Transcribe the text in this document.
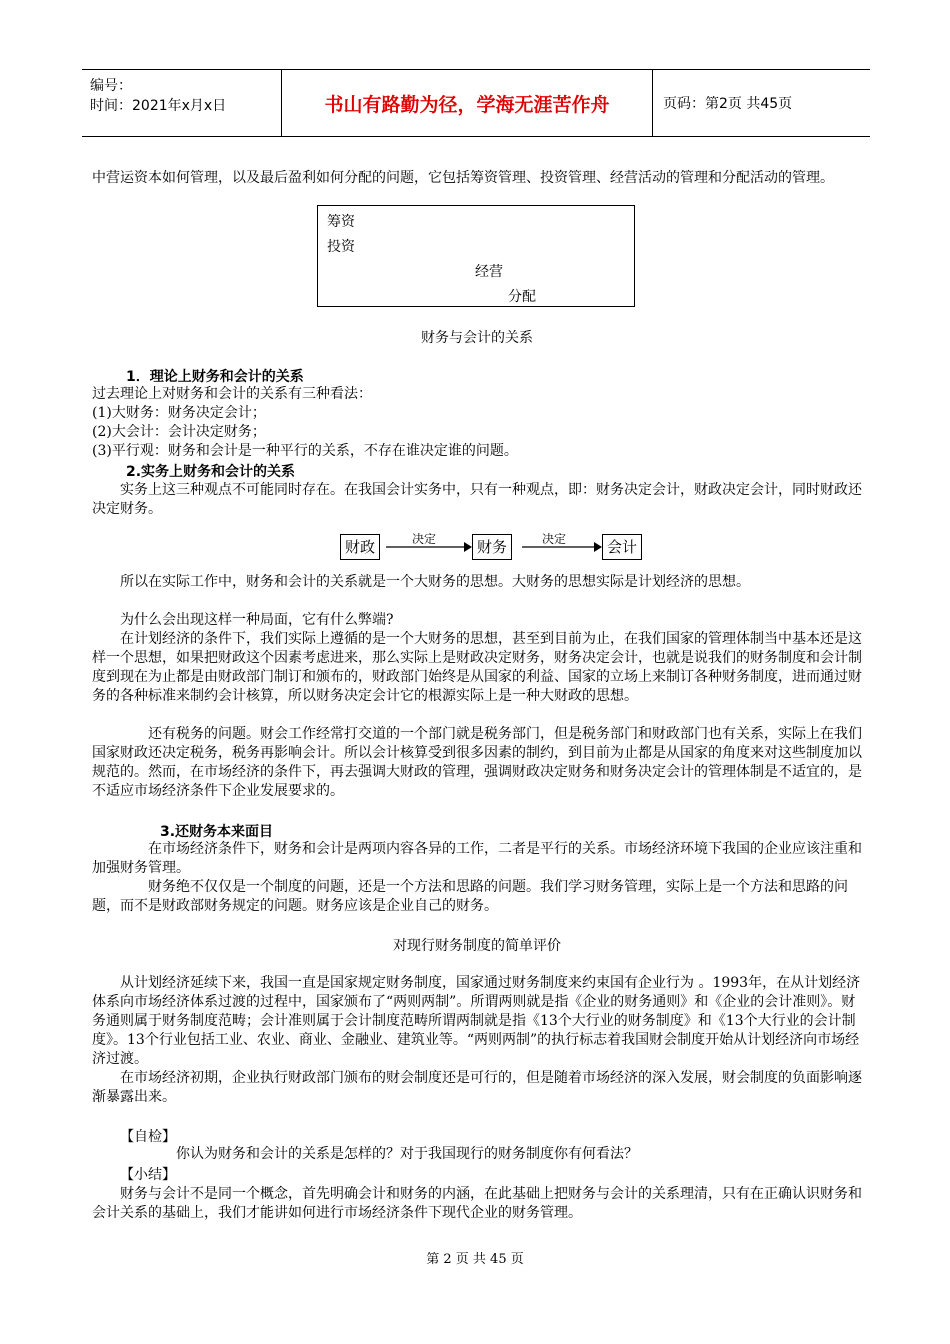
编号：
时间：2021年x月x日	书山有路勤为径，学海无涯苦作舟	页码：第2页 共45页

中营运资本如何管理，以及最后盈利如何分配的问题，它包括筹资管理、投资管理、经营活动的管理和分配活动的管理。

筹资
投资
经营
分配
财务与会计的关系
1．理论上财务和会计的关系

过去理论上对财务和会计的关系有三种看法：

(1)大财务：财务决定会计；

(2)大会计：会计决定财务；

(3)平行观：财务和会计是一种平行的关系，不存在谁决定谁的问题。

2.实务上财务和会计的关系

实务上这三种观点不可能同时存在。在我国会计实务中，只有一种观点，即：财务决定会计，财政决定会计，同时财政还决定财务。

财政	决定	财务	决定	会计

所以在实际工作中，财务和会计的关系就是一个大财务的思想。大财务的思想实际是计划经济的思想。

为什么会出现这样一种局面，它有什么弊端?

在计划经济的条件下，我们实际上遵循的是一个大财务的思想，甚至到目前为止，在我们国家的管理体制当中基本还是这样一个思想，如果把财政这个因素考虑进来，那么实际上是财政决定财务，财务决定会计，也就是说我们的财务制度和会计制度到现在为止都是由财政部门制订和颁布的，财政部门始终是从国家的利益、国家的立场上来制订各种财务制度，进而通过财务的各种标准来制约会计核算，所以财务决定会计它的根源实际上是一种大财政的思想。

还有税务的问题。财会工作经常打交道的一个部门就是税务部门，但是税务部门和财政部门也有关系，实际上在我们国家财政还决定税务，税务再影响会计。所以会计核算受到很多因素的制约，到目前为止都是从国家的角度来对这些制度加以规范的。然而，在市场经济的条件下，再去强调大财政的管理，强调财政决定财务和财务决定会计的管理体制是不适宜的，是不适应市场经济条件下企业发展要求的。

3.还财务本来面目

在市场经济条件下，财务和会计是两项内容各异的工作，二者是平行的关系。市场经济环境下我国的企业应该注重和加强财务管理。

财务绝不仅仅是一个制度的问题，还是一个方法和思路的问题。我们学习财务管理，实际上是一个方法和思路的问题，而不是财政部财务规定的问题。财务应该是企业自己的财务。

对现行财务制度的简单评价

从计划经济延续下来，我国一直是国家规定财务制度，国家通过财务制度来约束国有企业行为 。1993年，在从计划经济体系向市场经济体系过渡的过程中，国家颁布了“两则两制”。所谓两则就是指《企业的财务通则》和《企业的会计准则》。财务通则属于财务制度范畴；会计准则属于会计制度范畴所谓两制就是指《13个大行业的财务制度》和《13个大行业的会计制度》。13个行业包括工业、农业、商业、金融业、建筑业等。“两则两制”的执行标志着我国财会制度开始从计划经济向市场经济过渡。

在市场经济初期，企业执行财政部门颁布的财会制度还是可行的，但是随着市场经济的深入发展，财会制度的负面影响逐渐暴露出来。

【自检】

你认为财务和会计的关系是怎样的？对于我国现行的财务制度你有何看法？

【小结】

财务与会计不是同一个概念，首先明确会计和财务的内涵，在此基础上把财务与会计的关系理清，只有在正确认识财务和会计关系的基础上，我们才能讲如何进行市场经济条件下现代企业的财务管理。

第 2 页 共 45 页
